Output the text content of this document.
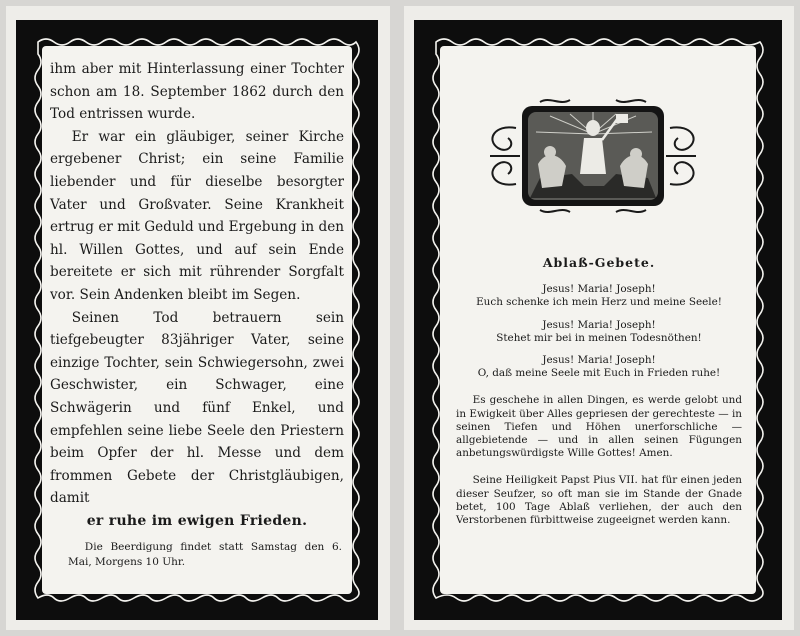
ihm aber mit Hinterlassung einer Tochter schon am 18. September 1862 durch den Tod entrissen wurde.

Er war ein gläubiger, seiner Kirche ergebener Christ; ein seine Familie liebender und für dieselbe besorgter Vater und Großvater. Seine Krankheit ertrug er mit Geduld und Ergebung in den hl. Willen Gottes, und auf sein Ende bereitete er sich mit rührender Sorgfalt vor. Sein Andenken bleibt im Segen.

Seinen Tod betrauern sein tiefgebeugter 83jähriger Vater, seine einzige Tochter, sein Schwiegersohn, zwei Geschwister, ein Schwager, eine Schwägerin und fünf Enkel, und empfehlen seine liebe Seele den Priestern beim Opfer der hl. Messe und dem frommen Gebete der Christgläubigen, damit

er ruhe im ewigen Frieden.

Die Beerdigung findet statt Samstag den 6. Mai, Morgens 10 Uhr.

Ablaß-Gebete.

Jesus! Maria! Joseph!
Euch schenke ich mein Herz und meine Seele!
Jesus! Maria! Joseph!
Stehet mir bei in meinen Todesnöthen!
Jesus! Maria! Joseph!
O, daß meine Seele mit Euch in Frieden ruhe!

Es geschehe in allen Dingen, es werde gelobt und in Ewigkeit über Alles gepriesen der gerechteste — in seinen Tiefen und Höhen unerforschliche — allgebietende — und in allen seinen Fügungen anbetungswürdigste Wille Gottes! Amen.

Seine Heiligkeit Papst Pius VII. hat für einen jeden dieser Seufzer, so oft man sie im Stande der Gnade betet, 100 Tage Ablaß verliehen, der auch den Verstorbenen fürbittweise zugeeignet werden kann.
